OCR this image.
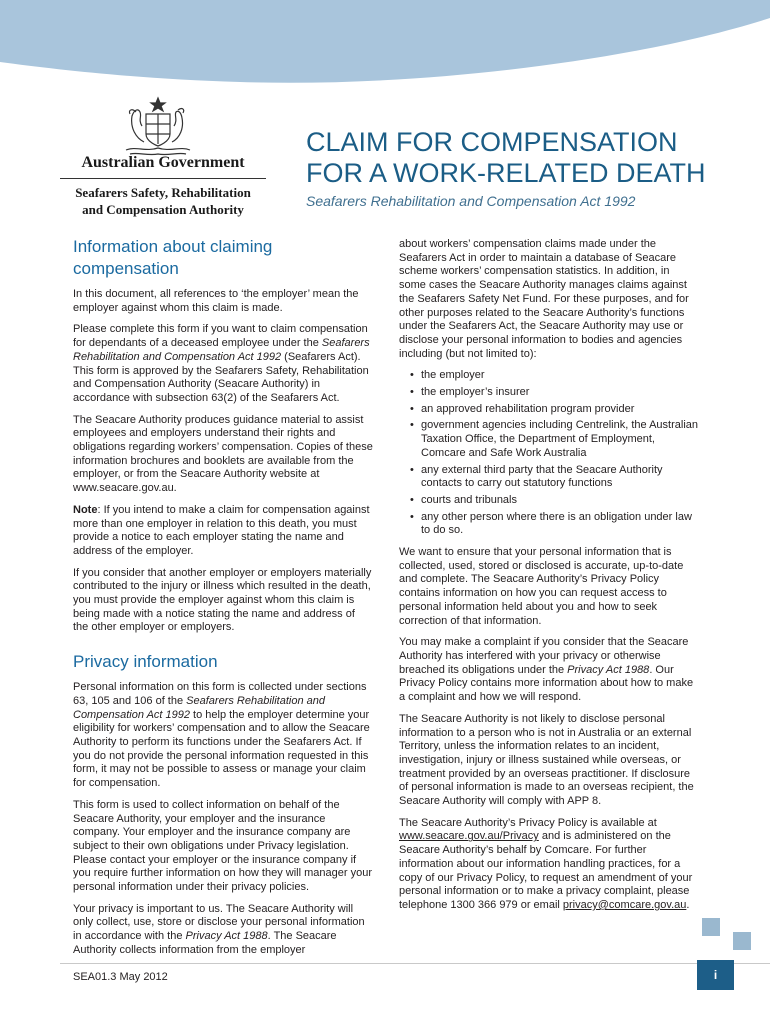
Australian Government
Seafarers Safety, Rehabilitation
and Compensation Authority
CLAIM FOR COMPENSATION
FOR A WORK-RELATED DEATH
Seafarers Rehabilitation and Compensation Act 1992
Information about claiming compensation

In this document, all references to ‘the employer’ mean the employer against whom this claim is made.

Please complete this form if you want to claim compensation for dependants of a deceased employee under the Seafarers Rehabilitation and Compensation Act 1992 (Seafarers Act). This form is approved by the Seafarers Safety, Rehabilitation and Compensation Authority (Seacare Authority) in accordance with subsection 63(2) of the Seafarers Act.

The Seacare Authority produces guidance material to assist employees and employers understand their rights and obligations regarding workers’ compensation. Copies of these information brochures and booklets are available from the employer, or from the Seacare Authority website at www.seacare.gov.au.

Note: If you intend to make a claim for compensation against more than one employer in relation to this death, you must provide a notice to each employer stating the name and address of the employer.

If you consider that another employer or employers materially contributed to the injury or illness which resulted in the death, you must provide the employer against whom this claim is being made with a notice stating the name and address of the other employer or employers.

Privacy information

Personal information on this form is collected under sections 63, 105 and 106 of the Seafarers Rehabilitation and Compensation Act 1992 to help the employer determine your eligibility for workers’ compensation and to allow the Seacare Authority to perform its functions under the Seafarers Act. If you do not provide the personal information requested in this form, it may not be possible to assess or manage your claim for compensation.

This form is used to collect information on behalf of the Seacare Authority, your employer and the insurance company. Your employer and the insurance company are subject to their own obligations under Privacy legislation. Please contact your employer or the insurance company if you require further information on how they will manager your personal information under their privacy policies.

Your privacy is important to us. The Seacare Authority will only collect, use, store or disclose your personal information in accordance with the Privacy Act 1988. The Seacare Authority collects information from the employer

about workers’ compensation claims made under the Seafarers Act in order to maintain a database of Seacare scheme workers’ compensation statistics. In addition, in some cases the Seacare Authority manages claims against the Seafarers Safety Net Fund. For these purposes, and for other purposes related to the Seacare Authority’s functions under the Seafarers Act, the Seacare Authority may use or disclose your personal information to bodies and agencies including (but not limited to):

• the employer
• the employer’s insurer
• an approved rehabilitation program provider
• government agencies including Centrelink, the Australian Taxation Office, the Department of Employment, Comcare and Safe Work Australia
• any external third party that the Seacare Authority contacts to carry out statutory functions
• courts and tribunals
• any other person where there is an obligation under law to do so.

We want to ensure that your personal information that is collected, used, stored or disclosed is accurate, up-to-date and complete. The Seacare Authority’s Privacy Policy contains information on how you can request access to personal information held about you and how to seek correction of that information.

You may make a complaint if you consider that the Seacare Authority has interfered with your privacy or otherwise breached its obligations under the Privacy Act 1988. Our Privacy Policy contains more information about how to make a complaint and how we will respond.

The Seacare Authority is not likely to disclose personal information to a person who is not in Australia or an external Territory, unless the information relates to an incident, investigation, injury or illness sustained while overseas, or treatment provided by an overseas practitioner. If disclosure of personal information is made to an overseas recipient, the Seacare Authority will comply with APP 8.

The Seacare Authority’s Privacy Policy is available at www.seacare.gov.au/Privacy and is administered on the Seacare Authority’s behalf by Comcare. For further information about our information handling practices, for a copy of our Privacy Policy, to request an amendment of your personal information or to make a privacy complaint, please telephone 1300 366 979 or email privacy@comcare.gov.au.

SEA01.3 May 2012	i
